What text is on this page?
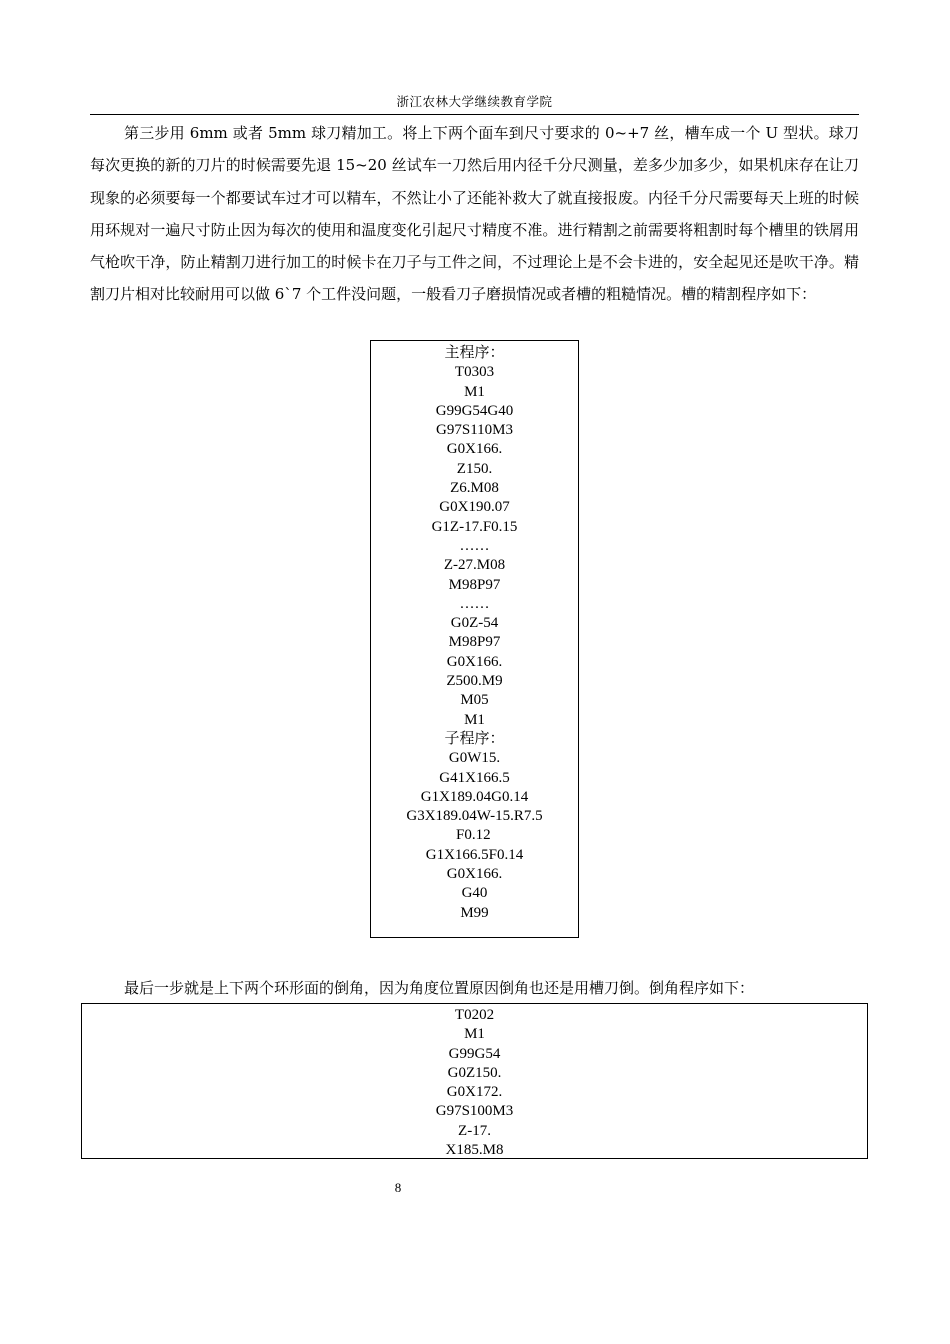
浙江农林大学继续教育学院

第三步用 6mm 或者 5mm 球刀精加工。将上下两个面车到尺寸要求的 0~+7 丝，槽车成一个 U 型状。球刀每次更换的新的刀片的时候需要先退 15~20 丝试车一刀然后用内径千分尺测量，差多少加多少，如果机床存在让刀现象的必须要每一个都要试车过才可以精车，不然让小了还能补救大了就直接报废。内径千分尺需要每天上班的时候用环规对一遍尺寸防止因为每次的使用和温度变化引起尺寸精度不准。进行精割之前需要将粗割时每个槽里的铁屑用气枪吹干净，防止精割刀进行加工的时候卡在刀子与工件之间，不过理论上是不会卡进的，安全起见还是吹干净。精割刀片相对比较耐用可以做 6`7 个工件没问题，一般看刀子磨损情况或者槽的粗糙情况。槽的精割程序如下：

主程序：
T0303
M1
G99G54G40
G97S110M3
G0X166.
Z150.
Z6.M08
G0X190.07
G1Z-17.F0.15
……
Z-27.M08
M98P97
……
G0Z-54
M98P97
G0X166.
Z500.M9
M05
M1
子程序：
G0W15.
G41X166.5
G1X189.04G0.14
G3X189.04W-15.R7.5
F0.12
G1X166.5F0.14
G0X166.
G40
M99

最后一步就是上下两个环形面的倒角，因为角度位置原因倒角也还是用槽刀倒。倒角程序如下：

T0202
M1
G99G54
G0Z150.
G0X172.
G97S100M3
Z-17.
X185.M8
8
